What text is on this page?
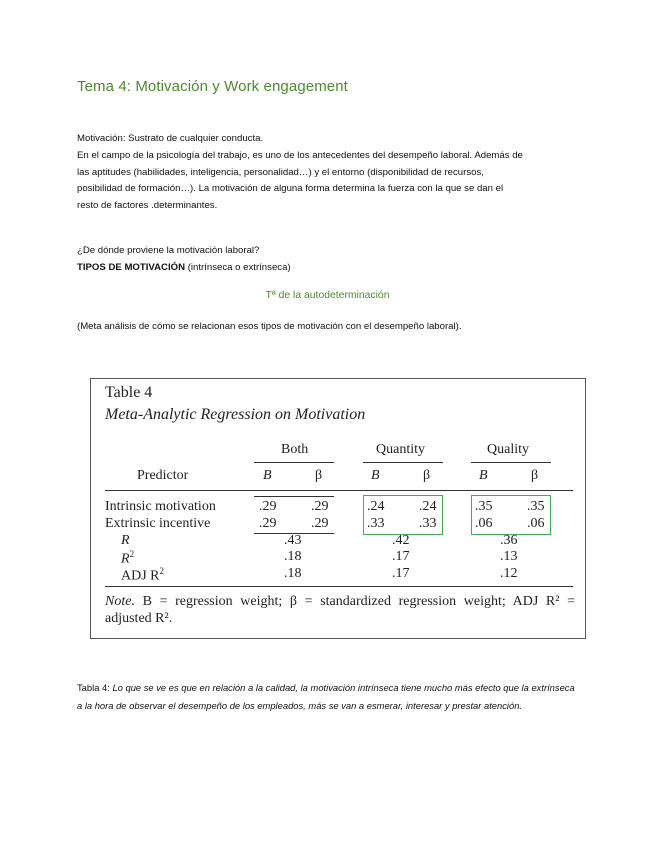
Tema 4: Motivación y Work engagement
Motivación: Sustrato de cualquier conducta.
En el campo de la psicología del trabajo, es uno de los antecedentes del desempeño laboral. Además de
las aptitudes (habilidades, inteligencia, personalidad…) y el entorno (disponibilidad de recursos,
posibilidad de formación…). La motivación de alguna forma determina la fuerza con la que se dan el
resto de factores .determinantes.
¿De dónde proviene la motivación laboral?
TIPOS DE MOTIVACIÓN (intrínseca o extrínseca)
Tª de la autodeterminación
(Meta análisis de cómo se relacionan esos tipos de motivación con el desempeño laboral).
Table 4
Meta-Analytic Regression on Motivation
Both	Quantity	Quality
Predictor	B	β	B	β	B	β
Intrinsic motivation	.29 .29	.24 .24	.35 .35
Extrinsic incentive	.29 .29	.33 .33	.06 .06
R	.43	.42	.36
$R^2$	.18	.17	.13
ADJ $R^2$	.18	.17	.12
Note. B = regression weight; β = standardized regression weight; ADJ R² = adjusted R².
Tabla 4: Lo que se ve es que en relación a la calidad, la motivación intrínseca tiene mucho más efecto que la extrínseca a la hora de observar el desempeño de los empleados, más se van a esmerar, interesar y prestar atención.
